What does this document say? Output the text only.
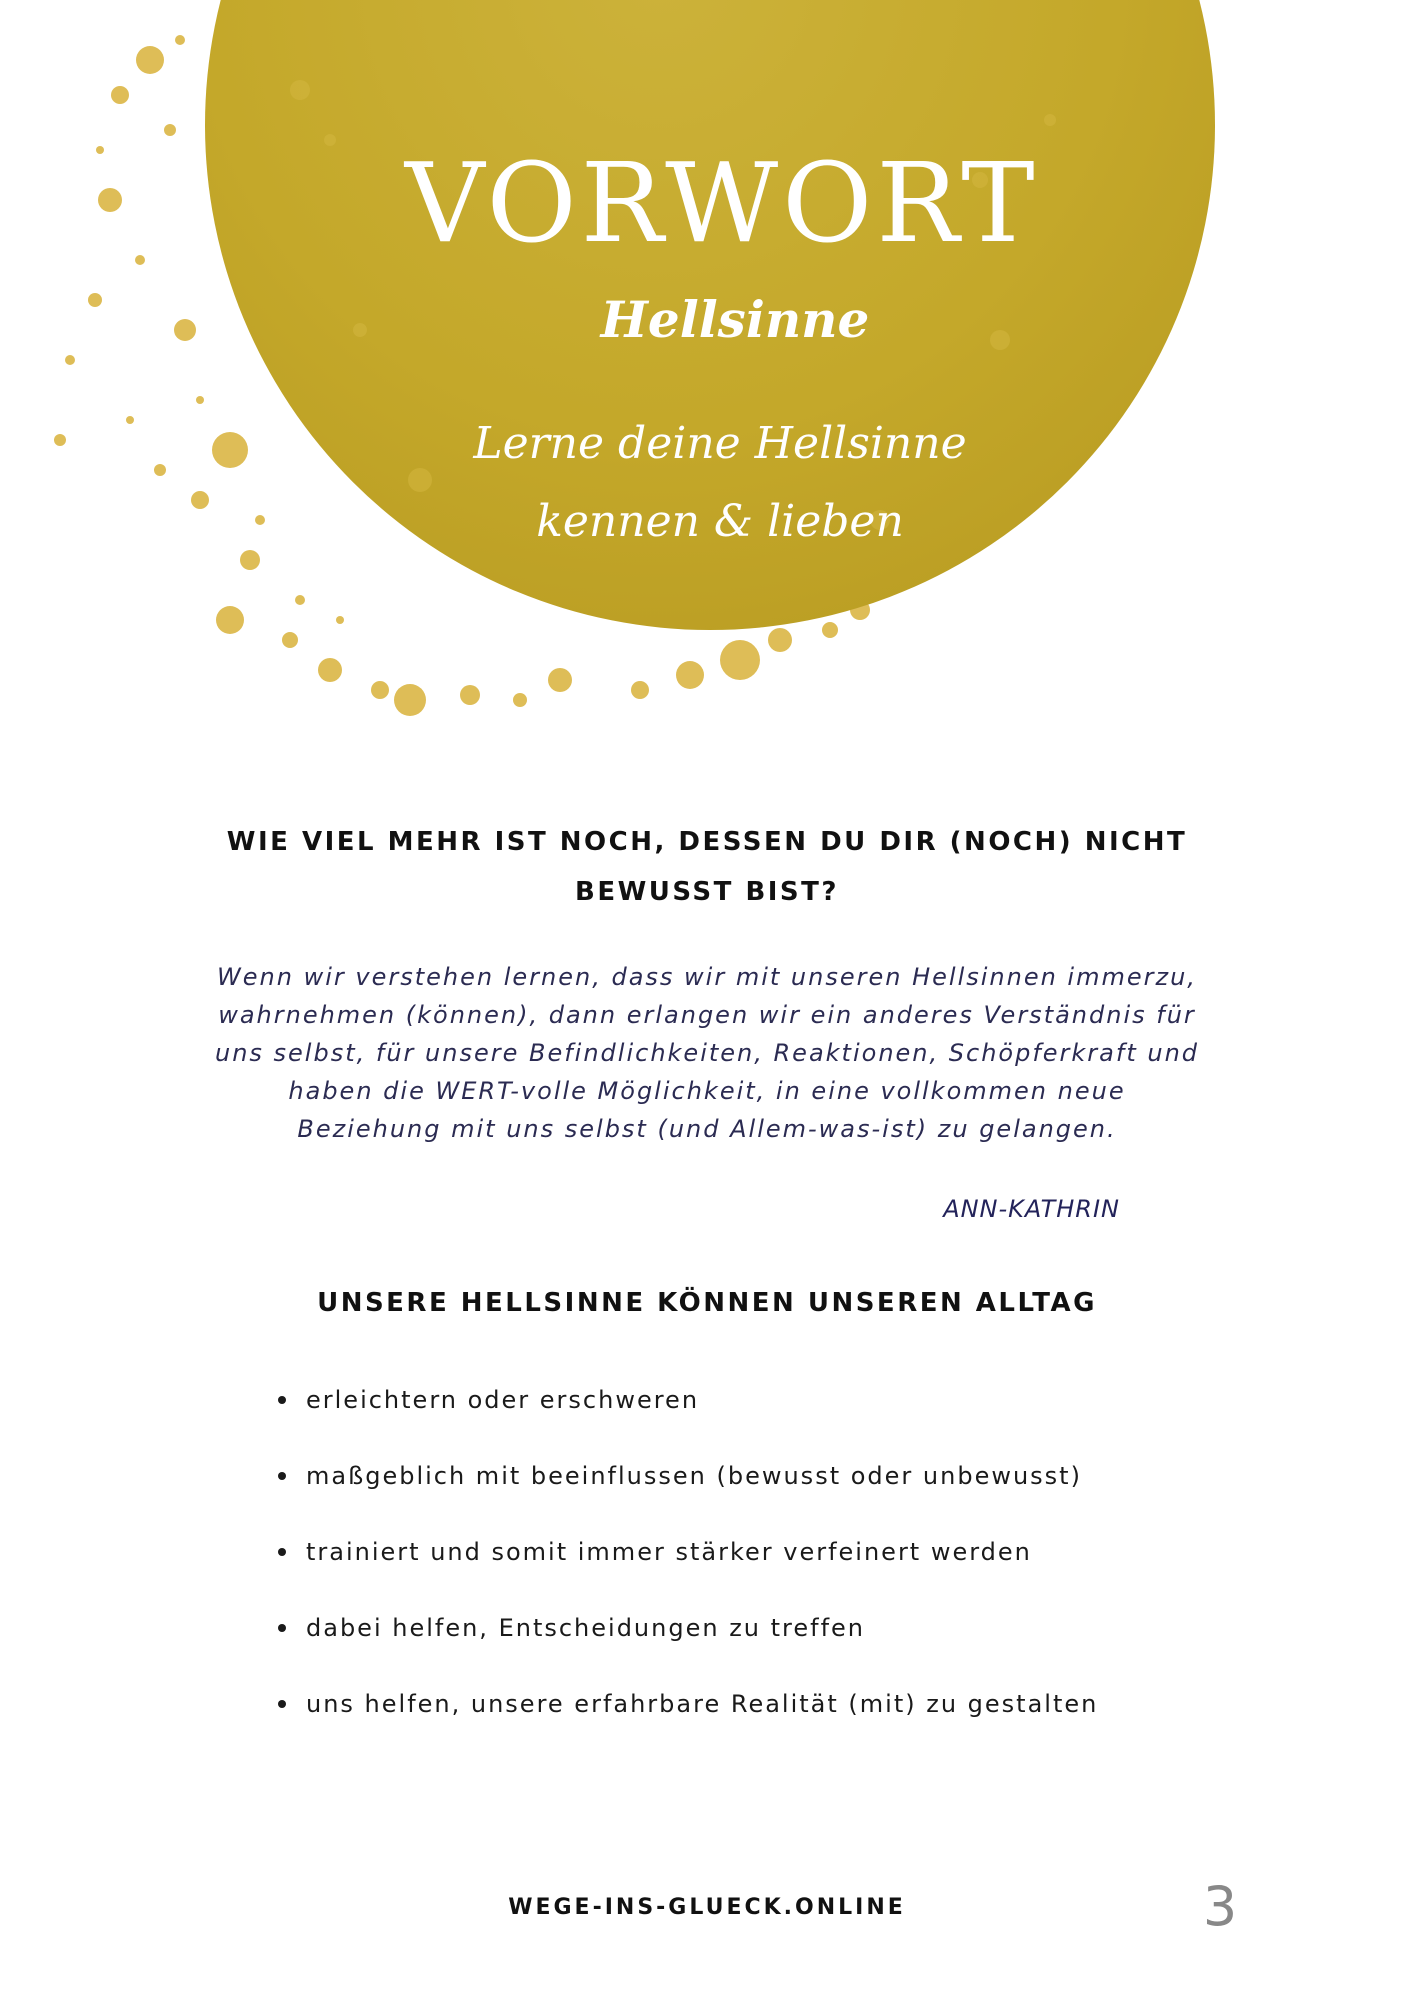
VORWORT
Hellsinne
Lerne deine Hellsinne
kennen & lieben
WIE VIEL MEHR IST NOCH, DESSEN DU DIR (NOCH) NICHT
BEWUSST BIST?
Wenn wir verstehen lernen, dass wir mit unseren Hellsinnen immerzu,
wahrnehmen (können), dann erlangen wir ein anderes Verständnis für
uns selbst, für unsere Befindlichkeiten, Reaktionen, Schöpferkraft und
haben die WERT-volle Möglichkeit, in eine vollkommen neue
Beziehung mit uns selbst (und Allem-was-ist) zu gelangen.
ANN-KATHRIN
UNSERE HELLSINNE KÖNNEN UNSEREN ALLTAG
erleichtern oder erschweren
maßgeblich mit beeinflussen (bewusst oder unbewusst)
trainiert und somit immer stärker verfeinert werden
dabei helfen, Entscheidungen zu treffen
uns helfen, unsere erfahrbare Realität (mit) zu gestalten
WEGE-INS-GLUECK.ONLINE	3
